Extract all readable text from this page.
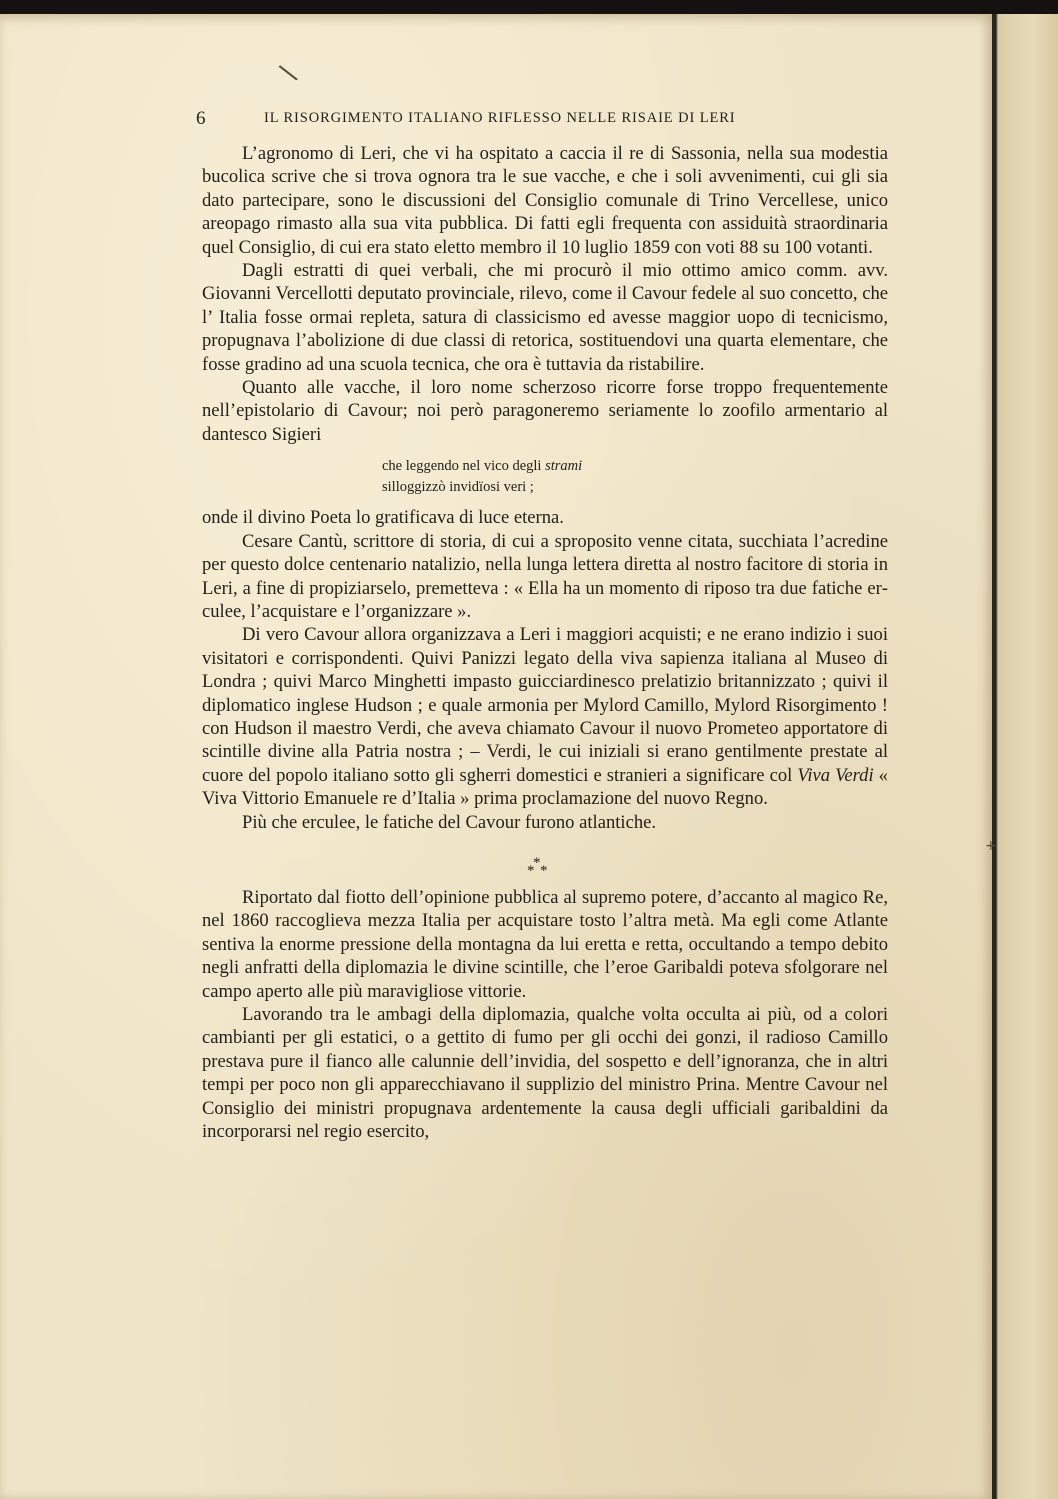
\
+
6	IL RISORGIMENTO ITALIANO RIFLESSO NELLE RISAIE DI LERI

L’agronomo di Leri, che vi ha ospitato a caccia il re di Sassonia, nella sua modestia bucolica scrive che si trova ognora tra le sue vacche, e che i soli avvenimenti, cui gli sia dato partecipare, sono le discussioni del Consiglio comunale di Trino Vercellese, unico areopago rimasto alla sua vita pubblica. Di fatti egli frequenta con assiduità straordinaria quel Consiglio, di cui era stato eletto membro il 10 luglio 1859 con voti 88 su 100 votanti.

Dagli estratti di quei verbali, che mi procurò il mio ottimo amico comm. avv. Giovanni Vercellotti deputato provinciale, rilevo, come il Cavour fedele al suo concetto, che l’ Italia fosse ormai repleta, satura di classicismo ed avesse maggior uopo di tecnicismo, propugnava l’abolizione di due classi di retorica, sostituendovi una quarta elementare, che fosse gradino ad una scuola tecnica, che ora è tuttavia da ristabilire.

Quanto alle vacche, il loro nome scherzoso ricorre forse troppo frequentemente nell’epistolario di Cavour; noi però paragoneremo seriamente lo zoofilo armentario al dantesco Sigieri

che leggendo nel vico degli strami
silloggizzò invidïosi veri ;

onde il divino Poeta lo gratificava di luce eterna.

Cesare Cantù, scrittore di storia, di cui a sproposito venne citata, succhiata l’acredine per questo dolce centenario natalizio, nella lunga lettera diretta al nostro facitore di storia in Leri, a fine di propiziarselo, premetteva : « Ella ha un momento di riposo tra due fatiche erculee, l’acquistare e l’organizzare ».

Di vero Cavour allora organizzava a Leri i maggiori acquisti; e ne erano indizio i suoi visitatori e corrispondenti. Quivi Panizzi legato della viva sapienza italiana al Museo di Londra ; quivi Marco Minghetti impasto guicciardinesco prelatizio britannizzato ; quivi il diplomatico inglese Hudson ; e quale armonia per Mylord Camillo, Mylord Risorgimento ! con Hudson il maestro Verdi, che aveva chiamato Cavour il nuovo Prometeo apportatore di scintille divine alla Patria nostra ; – Verdi, le cui iniziali si erano gentilmente prestate al cuore del popolo italiano sotto gli sgherri domestici e stranieri a significare col Viva Verdi « Viva Vittorio Emanuele re d’Italia » prima proclamazione del nuovo Regno.

Più che erculee, le fatiche del Cavour furono atlantiche.

*
* *

Riportato dal fiotto dell’opinione pubblica al supremo potere, d’accanto al magico Re, nel 1860 raccoglieva mezza Italia per acquistare tosto l’altra metà. Ma egli come Atlante sentiva la enorme pressione della montagna da lui eretta e retta, occultando a tempo debito negli anfratti della diplomazia le divine scintille, che l’eroe Garibaldi poteva sfolgorare nel campo aperto alle più maravigliose vittorie.

Lavorando tra le ambagi della diplomazia, qualche volta occulta ai più, od a colori cambianti per gli estatici, o a gettito di fumo per gli occhi dei gonzi, il radioso Camillo prestava pure il fianco alle calunnie dell’invidia, del sospetto e dell’ignoranza, che in altri tempi per poco non gli apparecchiavano il supplizio del ministro Prina. Mentre Cavour nel Consiglio dei ministri propugnava ardentemente la causa degli ufficiali garibaldini da incorporarsi nel regio esercito,
